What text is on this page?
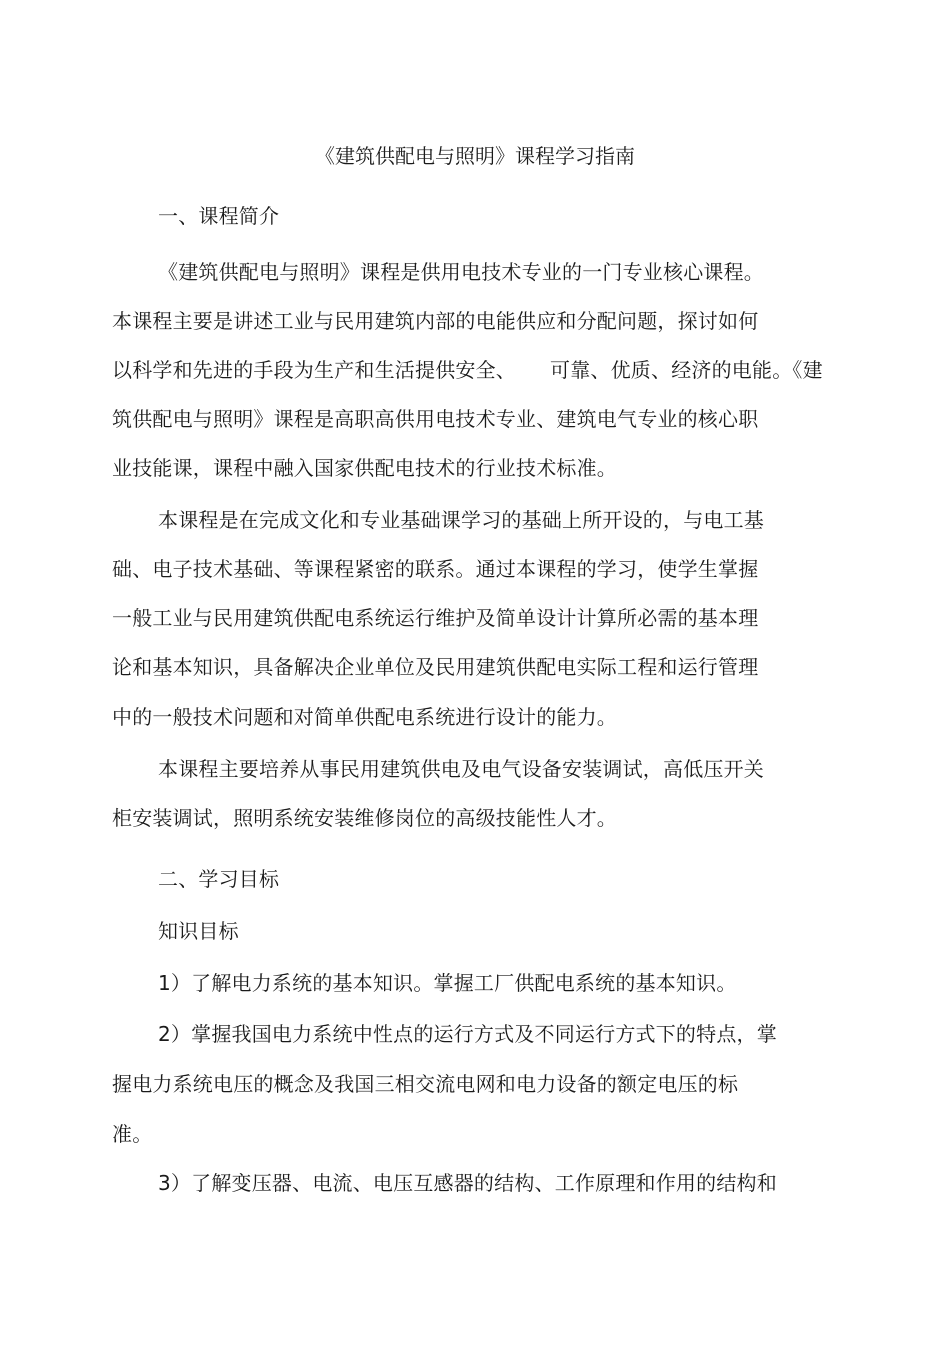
《建筑供配电与照明》课程学习指南
一、课程简介
《建筑供配电与照明》课程是供用电技术专业的一门专业核心课程。
本课程主要是讲述工业与民用建筑内部的电能供应和分配问题，探讨如何
以科学和先进的手段为生产和生活提供安全、 可靠、优质、经济的电能。《建
筑供配电与照明》课程是高职高供用电技术专业、建筑电气专业的核心职
业技能课，课程中融入国家供配电技术的行业技术标准。
本课程是在完成文化和专业基础课学习的基础上所开设的，与电工基
础、电子技术基础、等课程紧密的联系。通过本课程的学习，使学生掌握
一般工业与民用建筑供配电系统运行维护及简单设计计算所必需的基本理
论和基本知识，具备解决企业单位及民用建筑供配电实际工程和运行管理
中的一般技术问题和对简单供配电系统进行设计的能力。
本课程主要培养从事民用建筑供电及电气设备安装调试，高低压开关
柜安装调试，照明系统安装维修岗位的高级技能性人才。
二、学习目标
知识目标
1）了解电力系统的基本知识。掌握工厂供配电系统的基本知识。
2）掌握我国电力系统中性点的运行方式及不同运行方式下的特点，掌
握电力系统电压的概念及我国三相交流电网和电力设备的额定电压的标
准。
3）了解变压器、电流、电压互感器的结构、工作原理和作用的结构和
